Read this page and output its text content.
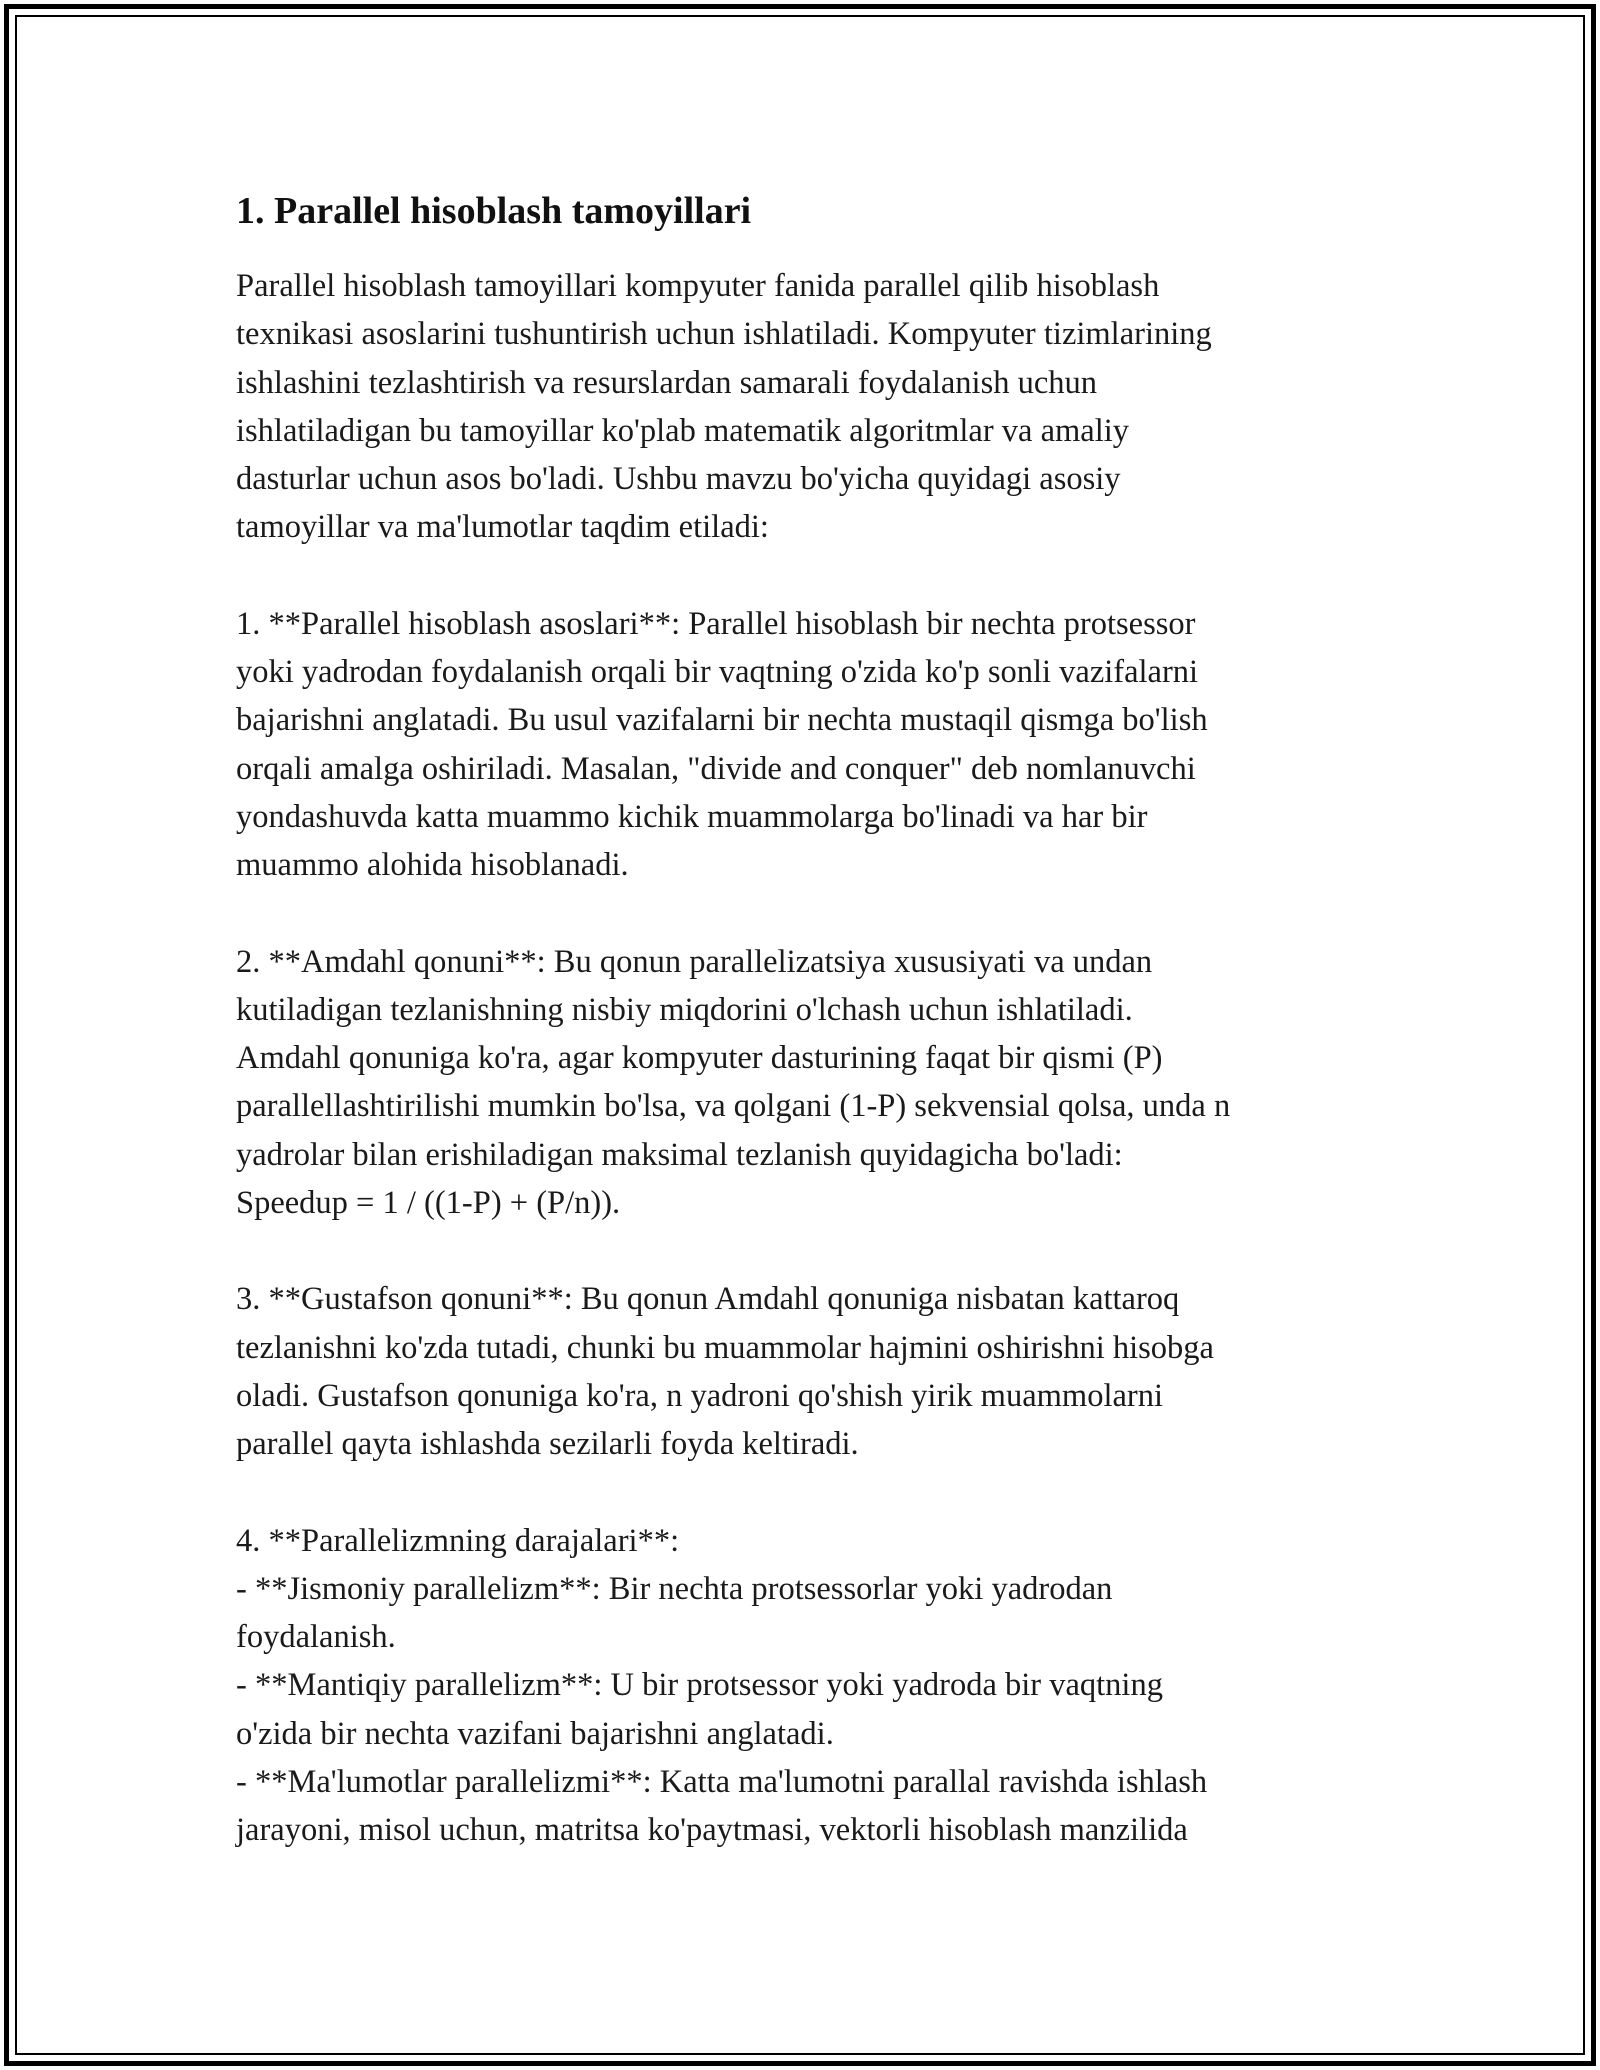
1. Parallel hisoblash tamoyillari

Parallel hisoblash tamoyillari kompyuter fanida parallel qilib hisoblash
texnikasi asoslarini tushuntirish uchun ishlatiladi. Kompyuter tizimlarining
ishlashini tezlashtirish va resurslardan samarali foydalanish uchun
ishlatiladigan bu tamoyillar ko'plab matematik algoritmlar va amaliy
dasturlar uchun asos bo'ladi. Ushbu mavzu bo'yicha quyidagi asosiy
tamoyillar va ma'lumotlar taqdim etiladi:

1. **Parallel hisoblash asoslari**: Parallel hisoblash bir nechta protsessor
yoki yadrodan foydalanish orqali bir vaqtning o'zida ko'p sonli vazifalarni
bajarishni anglatadi. Bu usul vazifalarni bir nechta mustaqil qismga bo'lish
orqali amalga oshiriladi. Masalan, "divide and conquer" deb nomlanuvchi
yondashuvda katta muammo kichik muammolarga bo'linadi va har bir
muammo alohida hisoblanadi.

2. **Amdahl qonuni**: Bu qonun parallelizatsiya xususiyati va undan
kutiladigan tezlanishning nisbiy miqdorini o'lchash uchun ishlatiladi.
Amdahl qonuniga ko'ra, agar kompyuter dasturining faqat bir qismi (P)
parallellashtirilishi mumkin bo'lsa, va qolgani (1-P) sekvensial qolsa, unda n
yadrolar bilan erishiladigan maksimal tezlanish quyidagicha bo'ladi:
Speedup = 1 / ((1-P) + (P/n)).

3. **Gustafson qonuni**: Bu qonun Amdahl qonuniga nisbatan kattaroq
tezlanishni ko'zda tutadi, chunki bu muammolar hajmini oshirishni hisobga
oladi. Gustafson qonuniga ko'ra, n yadroni qo'shish yirik muammolarni
parallel qayta ishlashda sezilarli foyda keltiradi.

4. **Parallelizmning darajalari**:
- **Jismoniy parallelizm**: Bir nechta protsessorlar yoki yadrodan
foydalanish.
- **Mantiqiy parallelizm**: U bir protsessor yoki yadroda bir vaqtning
o'zida bir nechta vazifani bajarishni anglatadi.
- **Ma'lumotlar parallelizmi**: Katta ma'lumotni parallal ravishda ishlash
jarayoni, misol uchun, matritsa ko'paytmasi, vektorli hisoblash manzilida
